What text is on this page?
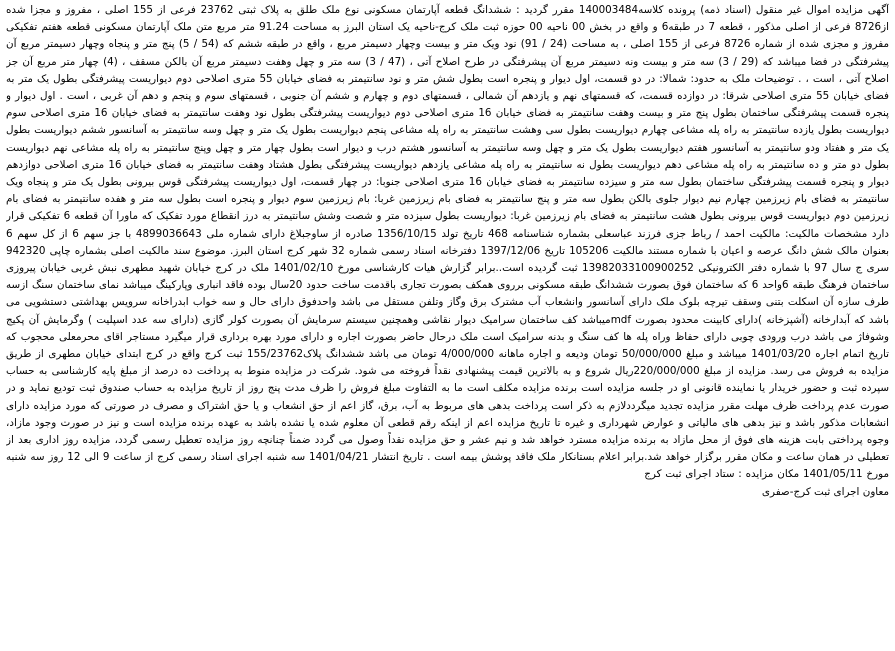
آگهی مزایده اموال غیر منقول (اسناد ذمه) پرونده کلاسه140003484 مقرر گردید : ششدانگ قطعه آپارتمان مسکونی نوع ملک طلق به پلاک ثبتی 23762 فرعی از 155 اصلی ، مفروز و مجزا شده از8726 فرعی از اصلی مذکور ، قطعه 7 در طبقه6 و واقع در بخش 00 ناحیه 00 حوزه ثبت ملک کرج-ناحیه یک استان البرز به مساحت 91.24 متر مربع متن ملک آپارتمان مسکونی قطعه هفتم تفکیکی مفروز و مجزی شده از شماره 8726 فرعی از 155 اصلی ، به مساحت (24 / 91) نود ویک متر و بیست وچهار دسیمتر مربع ، واقع در طبقه ششم که (54 / 5) پنج متر و پنجاه وچهار دسیمتر مربع آن پیشرفتگی در فضا میباشد که (29 / 3) سه متر و بیست ونه دسیمتر مربع آن پیشرفتگی در طرح اصلاح آتی ، (47 / 3) سه متر و چهل وهفت دسیمتر مربع آن بالکن مسقف ، (4) چهار متر مربع آن جز اصلاح آتی ، است ، . توضیحات ملک به حدود: شمالا: در دو قسمت، اول دیوار و پنجره است بطول شش متر و نود سانتیمتر به فضای خیابان 55 متری اصلاحی دوم دیواریست پیشرفتگی بطول یک متر به فضای خیابان 55 متری اصلاحی شرقا: در دوازده قسمت، که قسمتهای نهم و یازدهم آن شمالی ، قسمتهای دوم و چهارم و ششم آن جنوبی ، قسمتهای سوم و پنجم و دهم آن غربی ، است . اول دیوار و پنجره قسمت پیشرفتگی ساختمان بطول پنج متر و بیست وهفت سانتیمتر به فضای خیابان 16 متری اصلاحی دوم دیواریست پیشرفتگی بطول نود وهفت سانتیمتر به فضای خیابان 16 متری اصلاحی سوم دیواریست بطول یازده سانتیمتر به راه پله مشاعی چهارم دیواریست بطول سی وهشت سانتیمتر به راه پله مشاعی پنجم دیواریست بطول یک متر و چهل وسه سانتیمتر به آسانسور ششم دیواریست بطول یک متر و هفتاد ودو سانتیمتر به آسانسور هفتم دیواریست بطول یک متر و چهل وسه سانتیمتر به آسانسور هشتم درب و دیوار است بطول چهار متر و چهل وپنج سانتیمتر به راه پله مشاعی نهم دیواریست بطول دو متر و ده سانتیمتر به راه پله مشاعی دهم دیواریست بطول نه سانتیمتر به راه پله مشاعی یازدهم دیواریست پیشرفتگی بطول هشتاد وهفت سانتیمتر به فضای خیابان 16 متری اصلاحی دوازدهم دیوار و پنجره قسمت پیشرفتگی ساختمان بطول سه متر و سیزده سانتیمتر به فضای خیابان 16 متری اصلاحی جنوبا: در چهار قسمت، اول دیواریست پیشرفتگی قوس بیرونی بطول یک متر و پنجاه ویک سانتیمتر به فضای بام زیرزمین چهارم نیم دیوار جلوی بالکن بطول سه متر و پنج سانتیمتر به فضای بام زیرزمین غربا: بام زیرزمین سوم دیوار و پنجره است بطول سه متر و هفده سانتیمتر به فضای بام زیرزمین دوم دیواریست قوس بیرونی بطول هشت سانتیمتر به فضای بام زیرزمین غربا: دیواریست بطول سیزده متر و شصت وشش سانتیمتر به درز انقطاع مورد تفکیک که ماورا آن قطعه 6 تفکیکی قرار دارد مشخصات مالکیت: مالکیت احمد / رباط جزی فرزند عباسعلی بشماره شناسنامه 468 تاریخ تولد 1356/10/15 صادره از ساوجبلاغ دارای شماره ملی 4899036643 با جز سهم 6 از کل سهم 6 بعنوان مالک شش دانگ عرصه و اعیان با شماره مستند مالکیت 105206 تاریخ 1397/12/06 دفترخانه اسناد رسمی شماره 32 شهر کرج استان البرز. موضوع سند مالکیت اصلی بشماره چاپی 942320 سری ج سال 97 با شماره دفتر الکترونیکی 13982033100900252 ثبت گردیده است..برابر گزارش هیات کارشناسی مورخ 1401/02/10 ملک در کرج خیابان شهید مطهری نبش غربی خیابان پیروزی ساختمان فرهنگ طبقه 6واحد 6 که ساختمان فوق بصورت ششدانگ طبقه مسکونی برروی همکف بصورت تجاری باقدمت ساخت حدود 20سال بوده فاقد انباری وپارکینگ میباشد نمای ساختمان سنگ ازسه طرف سازه آن اسکلت بتنی وسقف تیرچه بلوک ملک دارای آسانسور وانشعاب آب مشترک برق وگاز وتلفن مستقل می باشد واحدفوق دارای حال و سه خواب ابدراخانه سرویس بهداشتی دستشویی می باشد که آبدارخانه (آشپزخانه )دارای کابینت محدود بصورت mdfمیباشد کف ساختمان سرامیک دیوار نقاشی وهمچنین سیستم سرمایش آن بصورت کولر گازی (دارای سه عدد اسپلیت ) وگرمایش آن پکیج وشوفاژ می باشد درب ورودی چوبی دارای حفاظ وراه پله ها کف سنگ و بدنه سرامیک است ملک درحال حاضر بصورت اجاره و دارای مورد بهره برداری قرار میگیرد مستاجر اقای محرمعلی محجوب که تاریخ اتمام اجاره 1401/03/20 میباشد و مبلغ 50/000/000 تومان ودیعه و اجاره ماهانه 4/000/000 تومان می باشد ششدانگ پلاک155/23762 ثبت کرج واقع در کرج ابتدای خیابان مطهری از طریق مزایده به فروش می رسد. مزایده از مبلغ 220/000/000ریال شروع و به بالاترین قیمت پیشنهادی نقداً فروخته می شود. شرکت در مزایده منوط به پرداخت ده درصد از مبلغ پایه کارشناسی به حساب سپرده ثبت و حضور خریدار یا نماینده قانونی او در جلسه مزایده است برنده مزایده مکلف است ما به التفاوت مبلغ فروش را ظرف مدت پنج روز از تاریخ مزایده به حساب صندوق ثبت تودیع نماید و در صورت عدم پرداخت ظرف مهلت مقرر مزایده تجدید میگرددلازم به ذکر است پرداخت بدهی های مربوط به آب، برق، گاز اعم از حق انشعاب و یا حق اشتراک و مصرف در صورتی که مورد مزایده دارای انشعابات مذکور باشد و نیز بدهی های مالیاتی و عوارض شهرداری و غیره تا تاریخ مزایده اعم از اینکه رقم قطعی آن معلوم شده یا نشده باشد به عهده برنده مزایده است و نیز در صورت وجود مازاد، وجوه پرداختی بابت هزینه های فوق از محل مازاد به برنده مزایده مسترد خواهد شد و نیم عشر و حق مزایده نقداً وصول می گردد ضمناً چنانچه روز مزایده تعطیل رسمی گردد، مزایده روز اداری بعد از تعطیلی در همان ساعت و مکان مقرر برگزار خواهد شد.برابر اعلام بستانکار ملک فاقد پوشش بیمه است . تاریخ انتشار 1401/04/21 سه شنبه اجرای اسناد رسمی کرج از ساعت 9 الی 12 روز سه شنبه مورخ 1401/05/11 مکان مزایده : ستاد اجرای ثبت کرج

معاون اجرای ثبت کرج-صفری
